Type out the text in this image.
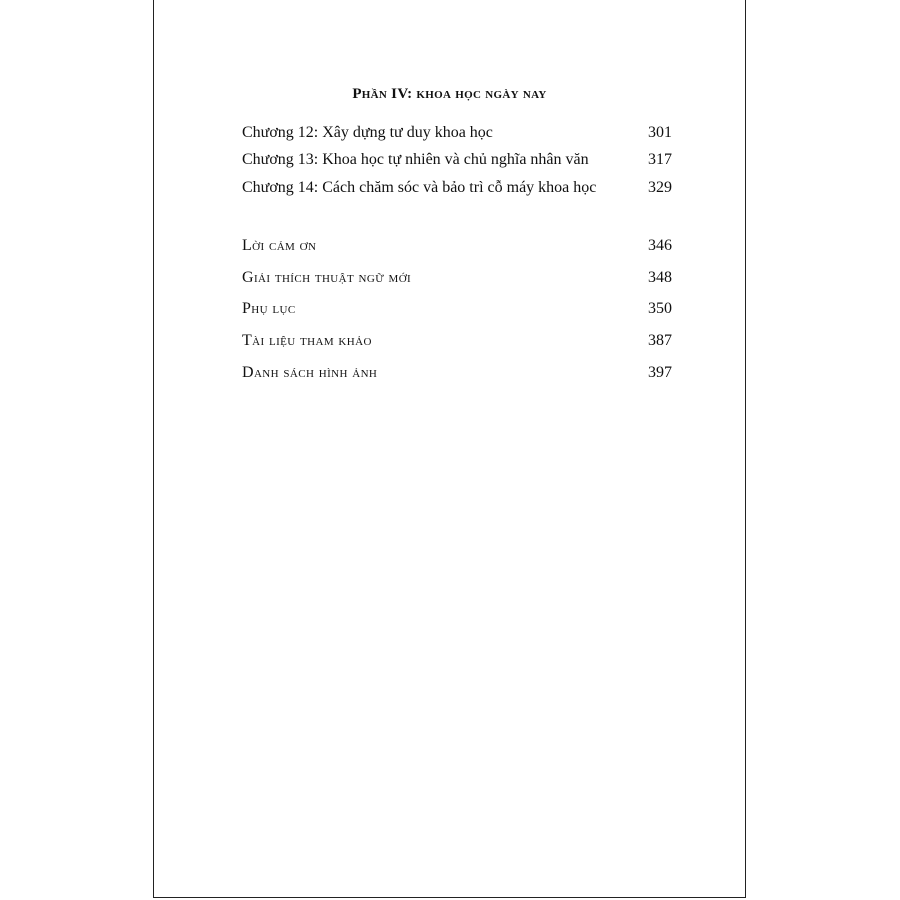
Phần IV: khoa học ngày nay
Chương 12: Xây dựng tư duy khoa học	301
Chương 13: Khoa học tự nhiên và chủ nghĩa nhân văn	317
Chương 14: Cách chăm sóc và bảo trì cỗ máy khoa học	329
Lời cảm ơn	346
Giải thích thuật ngữ mới	348
Phụ lục	350
Tài liệu tham khảo	387
Danh sách hình ảnh	397
